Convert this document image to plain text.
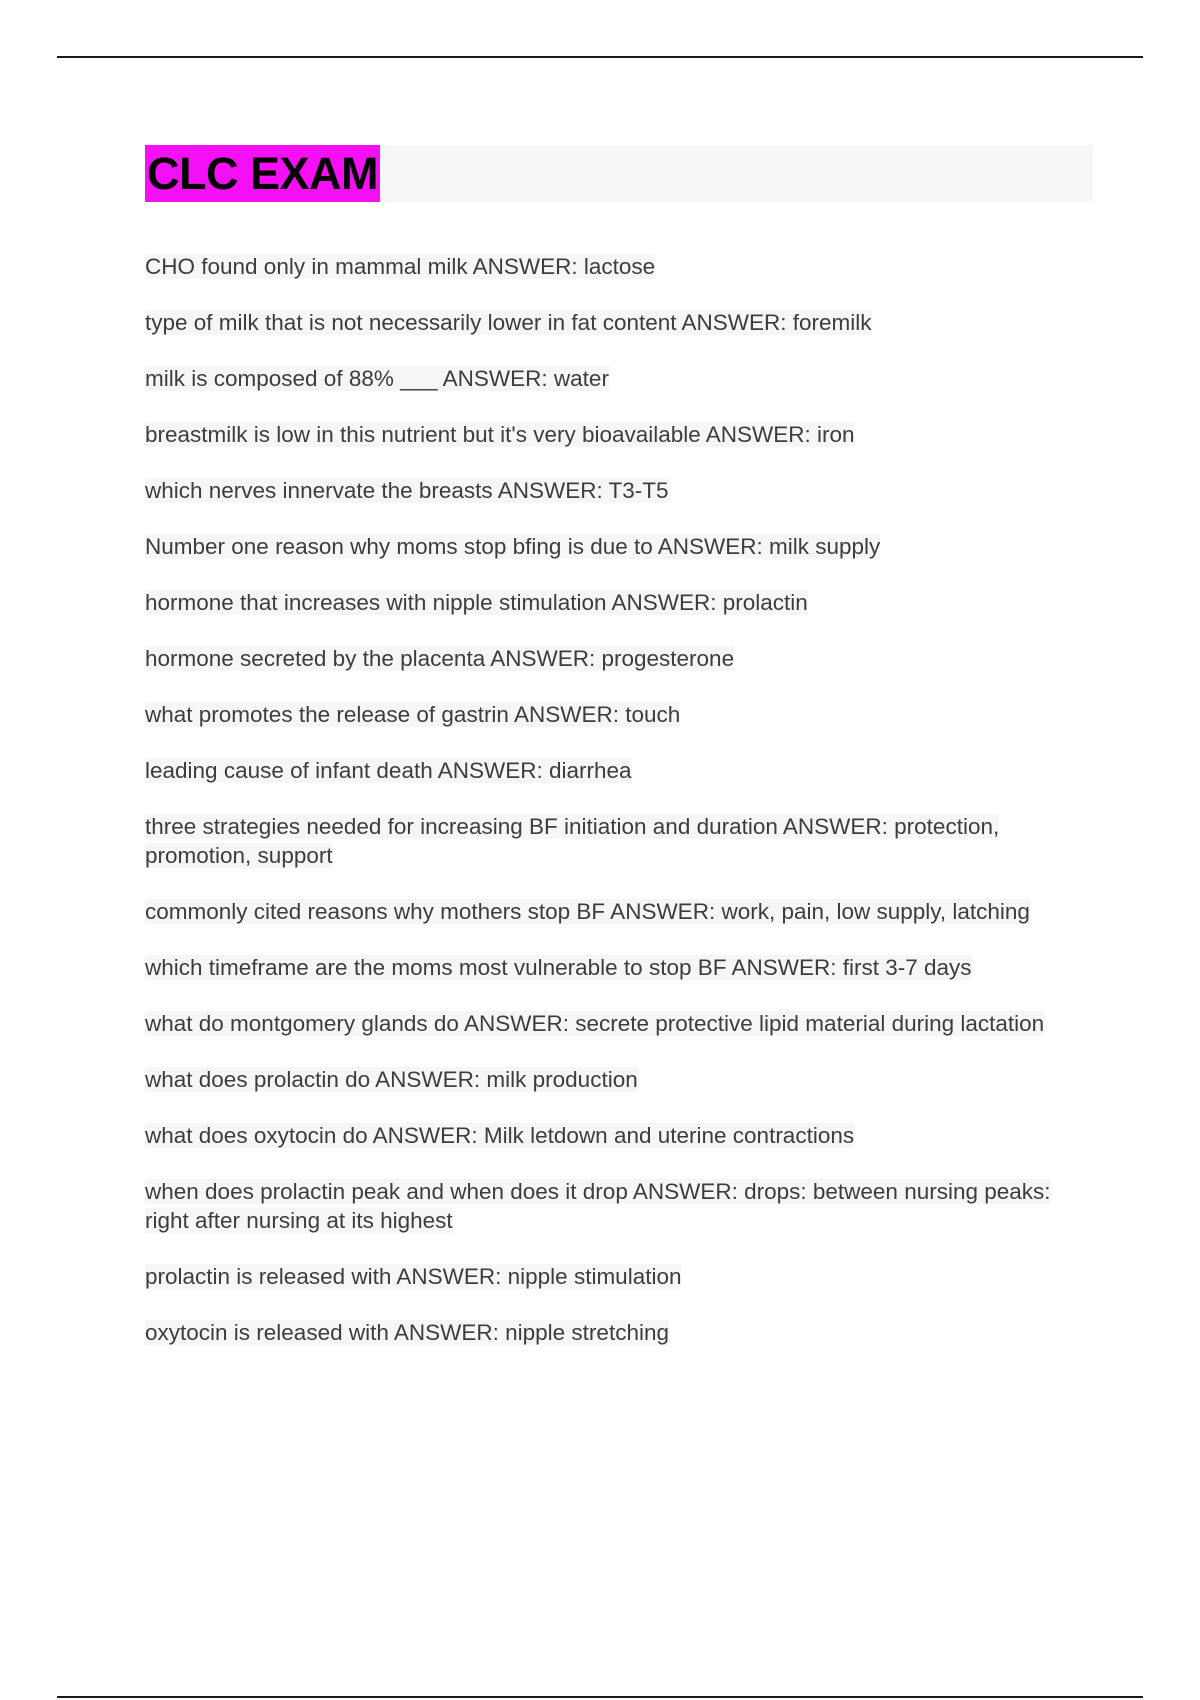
CLC EXAM
CHO found only in mammal milk ANSWER: lactose
type of milk that is not necessarily lower in fat content ANSWER: foremilk
milk is composed of 88% ___ ANSWER: water
breastmilk is low in this nutrient but it's very bioavailable ANSWER: iron
which nerves innervate the breasts ANSWER: T3-T5
Number one reason why moms stop bfing is due to ANSWER: milk supply
hormone that increases with nipple stimulation ANSWER: prolactin
hormone secreted by the placenta ANSWER: progesterone
what promotes the release of gastrin ANSWER: touch
leading cause of infant death ANSWER: diarrhea
three strategies needed for increasing BF initiation and duration ANSWER: protection, promotion, support
commonly cited reasons why mothers stop BF ANSWER: work, pain, low supply, latching
which timeframe are the moms most vulnerable to stop BF ANSWER: first 3-7 days
what do montgomery glands do ANSWER: secrete protective lipid material during lactation
what does prolactin do ANSWER: milk production
what does oxytocin do ANSWER: Milk letdown and uterine contractions
when does prolactin peak and when does it drop ANSWER: drops: between nursing peaks: right after nursing at its highest
prolactin is released with ANSWER: nipple stimulation
oxytocin is released with ANSWER: nipple stretching
